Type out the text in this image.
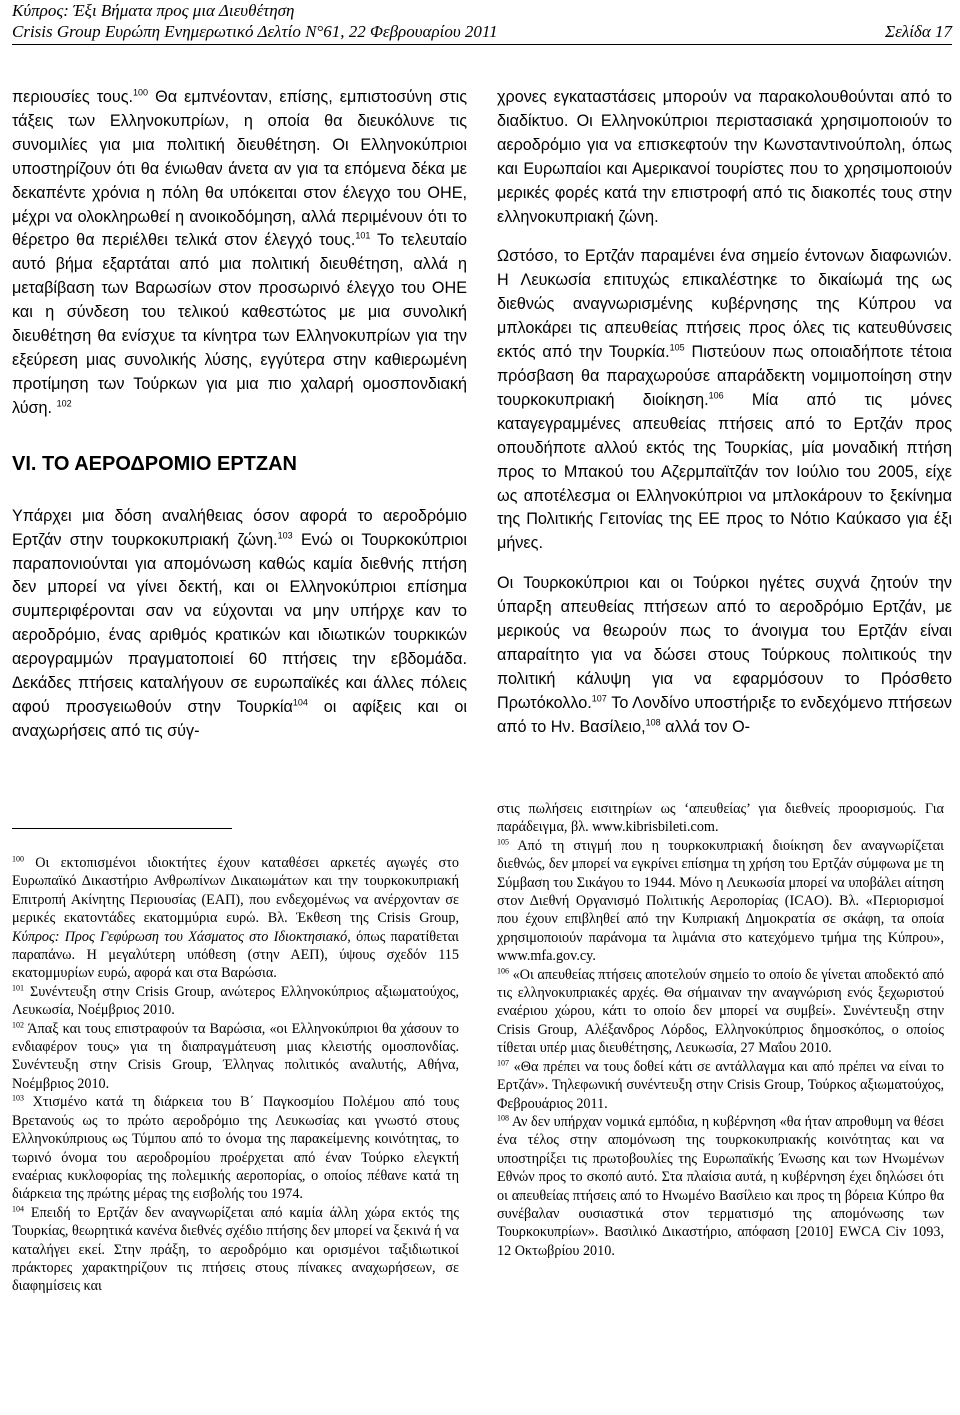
Κύπρος: Έξι Βήματα προς μια Διευθέτηση
Crisis Group Ευρώπη Ενημερωτικό Δελτίο N°61, 22 Φεβρουαρίου 2011	Σελίδα 17

περιουσίες τους.$^{100}$ Θα εμπνέονταν, επίσης, εμπιστοσύνη στις τάξεις των Ελληνοκυπρίων, η οποία θα διευκόλυνε τις συνομιλίες για μια πολιτική διευθέτηση. Οι Ελληνοκύπριοι υποστηρίζουν ότι θα ένιωθαν άνετα αν για τα επόμενα δέκα με δεκαπέντε χρόνια η πόλη θα υπόκειται στον έλεγχο του ΟΗΕ, μέχρι να ολοκληρωθεί η ανοικοδόμηση, αλλά περιμένουν ότι το θέρετρο θα περιέλθει τελικά στον έλεγχό τους.$^{101}$ Το τελευταίο αυτό βήμα εξαρτάται από μια πολιτική διευθέτηση, αλλά η μεταβίβαση των Βαρωσίων στον προσωρινό έλεγχο του ΟΗΕ και η σύνδεση του τελικού καθεστώτος με μια συνολική διευθέτηση θα ενίσχυε τα κίνητρα των Ελληνοκυπρίων για την εξεύρεση μιας συνολικής λύσης, εγγύτερα στην καθιερωμένη προτίμηση των Τούρκων για μια πιο χαλαρή ομοσπονδιακή λύση. $^{102}$

VI. ΤΟ ΑΕΡΟΔΡΟΜΙΟ ΕΡΤΖΑΝ

Υπάρχει μια δόση αναλήθειας όσον αφορά το αεροδρόμιο Ερτζάν στην τουρκοκυπριακή ζώνη.$^{103}$ Ενώ οι Τουρκοκύπριοι παραπονιούνται για απομόνωση καθώς καμία διεθνής πτήση δεν μπορεί να γίνει δεκτή, και οι Ελληνοκύπριοι επίσημα συμπεριφέρονται σαν να εύχονται να μην υπήρχε καν το αεροδρόμιο, ένας αριθμός κρατικών και ιδιωτικών τουρκικών αερογραμμών πραγματοποιεί 60 πτήσεις την εβδομάδα. Δεκάδες πτήσεις καταλήγουν σε ευρωπαϊκές και άλλες πόλεις αφού προσγειωθούν στην Τουρκία$^{104}$ οι αφίξεις και οι αναχωρήσεις από τις σύγ-

χρονες εγκαταστάσεις μπορούν να παρακολουθούνται από το διαδίκτυο. Οι Ελληνοκύπριοι περιστασιακά χρησιμοποιούν το αεροδρόμιο για να επισκεφτούν την Κωνσταντινούπολη, όπως και Ευρωπαίοι και Αμερικανοί τουρίστες που το χρησιμοποιούν μερικές φορές κατά την επιστροφή από τις διακοπές τους στην ελληνοκυπριακή ζώνη.

Ωστόσο, το Ερτζάν παραμένει ένα σημείο έντονων διαφωνιών. Η Λευκωσία επιτυχώς επικαλέστηκε το δικαίωμά της ως διεθνώς αναγνωρισμένης κυβέρνησης της Κύπρου να μπλοκάρει τις απευθείας πτήσεις προς όλες τις κατευθύνσεις εκτός από την Τουρκία.$^{105}$ Πιστεύουν πως οποιαδήποτε τέτοια πρόσβαση θα παραχωρούσε απαράδεκτη νομιμοποίηση στην τουρκοκυπριακή διοίκηση.$^{106}$ Μία από τις μόνες καταγεγραμμένες απευθείας πτήσεις από το Ερτζάν προς οπουδήποτε αλλού εκτός της Τουρκίας, μία μοναδική πτήση προς το Μπακού του Αζερμπαϊτζάν τον Ιούλιο του 2005, είχε ως αποτέλεσμα οι Ελληνοκύπριοι να μπλοκάρουν το ξεκίνημα της Πολιτικής Γειτονίας της ΕΕ προς το Νότιο Καύκασο για έξι μήνες.

Οι Τουρκοκύπριοι και οι Τούρκοι ηγέτες συχνά ζητούν την ύπαρξη απευθείας πτήσεων από το αεροδρόμιο Ερτζάν, με μερικούς να θεωρούν πως το άνοιγμα του Ερτζάν είναι απαραίτητο για να δώσει στους Τούρκους πολιτικούς την πολιτική κάλυψη για να εφαρμόσουν το Πρόσθετο Πρωτόκολλο.$^{107}$ Το Λονδίνο υποστήριξε το ενδεχόμενο πτήσεων από το Ην. Βασίλειο,$^{108}$ αλλά τον Ο-

$^{100}$ Οι εκτοπισμένοι ιδιοκτήτες έχουν καταθέσει αρκετές αγωγές στο Ευρωπαϊκό Δικαστήριο Ανθρωπίνων Δικαιωμάτων και την τουρκοκυπριακή Επιτροπή Ακίνητης Περιουσίας (ΕΑΠ), που ενδεχομένως να ανέρχονταν σε μερικές εκατοντάδες εκατομμύρια ευρώ. Βλ. Έκθεση της Crisis Group, Κύπρος: Προς Γεφύρωση του Χάσματος στο Ιδιοκτησιακό, όπως παρατίθεται παραπάνω. Η μεγαλύτερη υπόθεση (στην ΑΕΠ), ύψους σχεδόν 115 εκατομμυρίων ευρώ, αφορά και στα Βαρώσια.

$^{101}$ Συνέντευξη στην Crisis Group, ανώτερος Ελληνοκύπριος αξιωματούχος, Λευκωσία, Νοέμβριος 2010.

$^{102}$ Άπαξ και τους επιστραφούν τα Βαρώσια, «οι Ελληνοκύπριοι θα χάσουν το ενδιαφέρον τους» για τη διαπραγμάτευση μιας κλειστής ομοσπονδίας. Συνέντευξη στην Crisis Group, Έλληνας πολιτικός αναλυτής, Αθήνα, Νοέμβριος 2010.

$^{103}$ Χτισμένο κατά τη διάρκεια του Β΄ Παγκοσμίου Πολέμου από τους Βρετανούς ως το πρώτο αεροδρόμιο της Λευκωσίας και γνωστό στους Ελληνοκύπριους ως Τύμπου από το όνομα της παρακείμενης κοινότητας, το τωρινό όνομα του αεροδρομίου προέρχεται από έναν Τούρκο ελεγκτή εναέριας κυκλοφορίας της πολεμικής αεροπορίας, ο οποίος πέθανε κατά τη διάρκεια της πρώτης μέρας της εισβολής του 1974.

$^{104}$ Επειδή το Ερτζάν δεν αναγνωρίζεται από καμία άλλη χώρα εκτός της Τουρκίας, θεωρητικά κανένα διεθνές σχέδιο πτήσης δεν μπορεί να ξεκινά ή να καταλήγει εκεί. Στην πράξη, το αεροδρόμιο και ορισμένοι ταξιδιωτικοί πράκτορες χαρακτηρίζουν τις πτήσεις στους πίνακες αναχωρήσεων, σε διαφημίσεις και

στις πωλήσεις εισιτηρίων ως ‘απευθείας’ για διεθνείς προορισμούς. Για παράδειγμα, βλ. www.kibrisbileti.com.

$^{105}$ Από τη στιγμή που η τουρκοκυπριακή διοίκηση δεν αναγνωρίζεται διεθνώς, δεν μπορεί να εγκρίνει επίσημα τη χρήση του Ερτζάν σύμφωνα με τη Σύμβαση του Σικάγου το 1944. Μόνο η Λευκωσία μπορεί να υποβάλει αίτηση στον Διεθνή Οργανισμό Πολιτικής Αεροπορίας (ICAO). Βλ. «Περιορισμοί που έχουν επιβληθεί από την Κυπριακή Δημοκρατία σε σκάφη, τα οποία χρησιμοποιούν παράνομα τα λιμάνια στο κατεχόμενο τμήμα της Κύπρου», www.mfa.gov.cy.

$^{106}$ «Οι απευθείας πτήσεις αποτελούν σημείο το οποίο δε γίνεται αποδεκτό από τις ελληνοκυπριακές αρχές. Θα σήμαιναν την αναγνώριση ενός ξεχωριστού εναέριου χώρου, κάτι το οποίο δεν μπορεί να συμβεί». Συνέντευξη στην Crisis Group, Αλέξανδρος Λόρδος, Ελληνοκύπριος δημοσκόπος, ο οποίος τίθεται υπέρ μιας διευθέτησης, Λευκωσία, 27 Μαΐου 2010.

$^{107}$ «Θα πρέπει να τους δοθεί κάτι σε αντάλλαγμα και από πρέπει να είναι το Ερτζάν». Τηλεφωνική συνέντευξη στην Crisis Group, Τούρκος αξιωματούχος, Φεβρουάριος 2011.

$^{108}$ Αν δεν υπήρχαν νομικά εμπόδια, η κυβέρνηση «θα ήταν απροθυμη να θέσει ένα τέλος στην απομόνωση της τουρκοκυπριακής κοινότητας και να υποστηρίξει τις πρωτοβουλίες της Ευρωπαϊκής Ένωσης και των Ηνωμένων Εθνών προς το σκοπό αυτό. Στα πλαίσια αυτά, η κυβέρνηση έχει δηλώσει ότι οι απευθείας πτήσεις από το Ηνωμένο Βασίλειο και προς τη βόρεια Κύπρο θα συνέβαλαν ουσιαστικά στον τερματισμό της απομόνωσης των Τουρκοκυπρίων». Βασιλικό Δικαστήριο, απόφαση [2010] EWCA Civ 1093, 12 Οκτωβρίου 2010.
